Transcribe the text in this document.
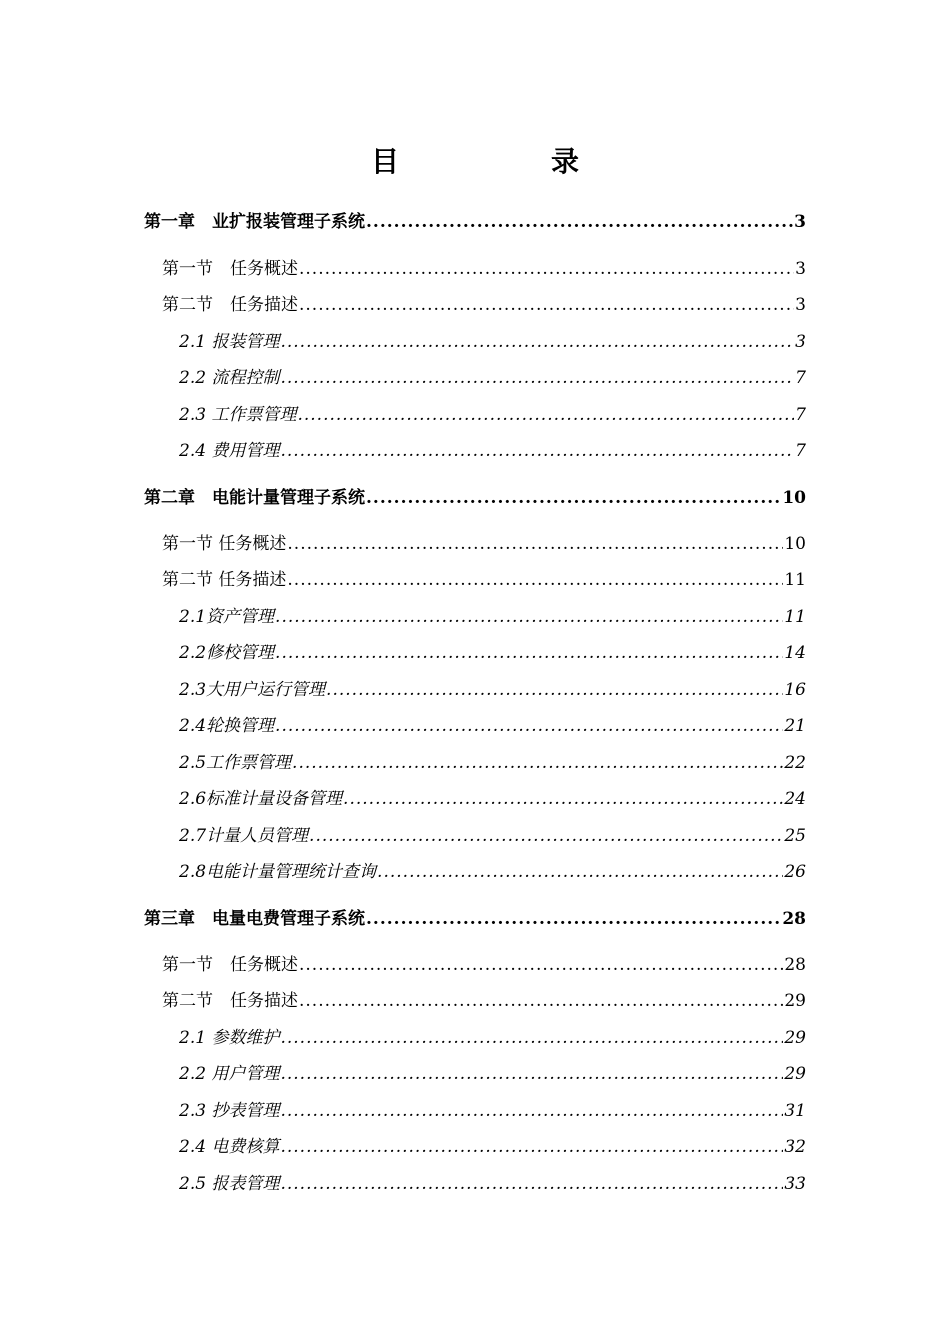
目　　录
第一章　业扩报装管理子系统 .....	3
第一节　任务概述 .....	3
第二节　任务描述 .....	3
2.1 报装管理 .....	3
2.2 流程控制 .....	7
2.3 工作票管理 .....	7
2.4 费用管理 .....	7
第二章　电能计量管理子系统 .....	10
第一节 任务概述 .....	10
第二节 任务描述 .....	11
2.1资产管理 .....	11
2.2修校管理 .....	14
2.3大用户运行管理 .....	16
2.4轮换管理 .....	21
2.5工作票管理 .....	22
2.6标准计量设备管理 .....	24
2.7计量人员管理 .....	25
2.8电能计量管理统计查询 .....	26
第三章　电量电费管理子系统 .....	28
第一节　任务概述 .....	28
第二节　任务描述 .....	29
2.1 参数维护 .....	29
2.2 用户管理 .....	29
2.3 抄表管理 .....	31
2.4 电费核算 .....	32
2.5 报表管理 .....	33
